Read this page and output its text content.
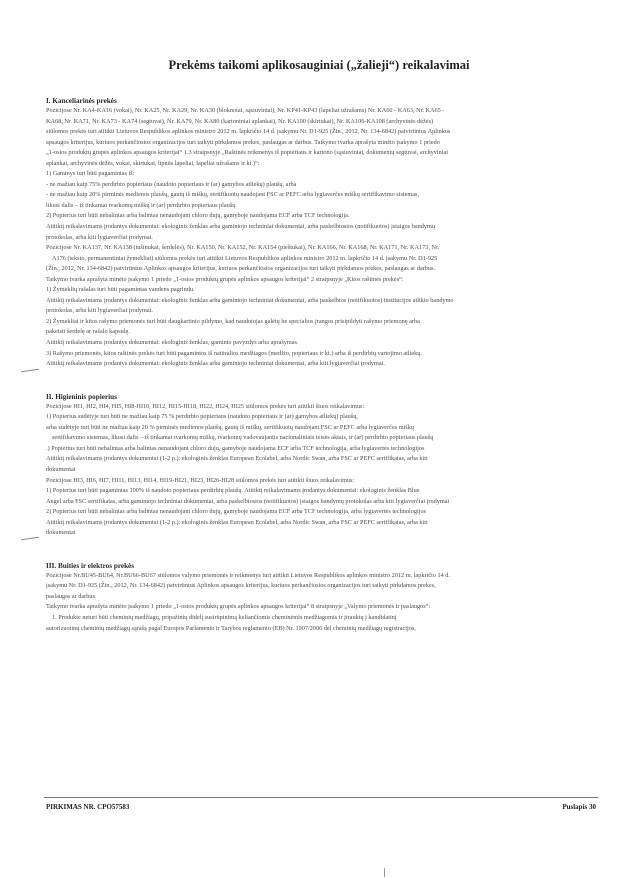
Prekėms taikomi aplikosauginiai („žalieji“) reikalavimai

I. Kanceliarinės prekės

Pozicijose Nr. KA4-KA16 (vokai), Nr. KA25, Nr. KA29, Nr. KA30 (bloknotai, sąsiuviniai), Nr. KP41-KP43 (lapeliai užrašams) Nr. KA60 - KA63, Nr. KA65 -

KA68, Nr. KA71, Nr. KA73 - KA74 (segtuvai), Nr. KA79, Nr. KA80 (kartoniniai aplankai), Nr. KA100 (skirtukai), Nr. KA106-KA108 (archyvinės dėžės)

siūlomos prekės turi atitikti Lietuvos Respublikos aplinkos ministro 2012 m. lapkričio 14 d. įsakymu Nr. D1-925 (Žin., 2012, Nr. 134-6842) patvirtintus Aplinkos

apsaugos kriterijus, kuriuos perkančiosios organizacijos turi taikyti pirkdamos prekes, paslaugas ar darbus. Taikymo tvarka aprašyta minėto įsakymo 1 priedo

„1-osios produktų grupės aplinkos apsaugos kriterijai“ 1.3 straipsnyje „Raštinės reikmenys iš popieriaus ir kartono (sąsiuviniai, dokumentų segtuvai, archyviniai

aplankai, archyvinės dėžės, vokai, skirtukai, lipnūs lapeliai, lapeliai užrašams ir kt.)“:

1) Gaminys turi būti pagamintas iš:

- ne mažiau kaip 75% perdirbto popieriaus (naudoto popieriaus ir (ar) gamybos atliekų) plaušų, arba

- ne mažiau kaip 20% pirminės medienos plaušų, gautų iš miškų, sertifikuotų naudojant FSC ar PEFC arba lygiaverčes miškų sertifikavimo sistemas,

likusi dalis – iš tinkamai tvarkomų miškų ir (ar) perdirbto popieriaus plaušų

2) Popierius turi būti nebalintas arba balintas nenaudojant chloro dujų, gamyboje naudojama ECF arba TCF technologija.

Atitiktį reikalavimams įrodantys dokumentai: ekologinis ženklas arba gamintojo techniniai dokumentai, arba paskelbtosios (notifikuotos) įstaigos bandymų

protokolas, arba kiti lygiaverčiai įrodymai.

Pozicijose Nr. KA137, Nr. KA138 (tušinukai, šerdelės), Nr. KA150, Nr. KA152, Nr. KA154 (pieštukai), Nr. KA166, Nr. KA168, Nr. KA171, Nr. KA173, Nr.

A176 (teksto, permanentiniai žymekliai) siūlomos prekės turi atitikti Lietuvos Respublikos aplinkos ministro 2012 m. lapkričio 14 d. įsakymu Nr. D1-925

(Žin., 2012, Nr. 134-6842) patvirtintus Aplinkos apsaugos kriterijus, kuriuos perkančiosios organizacijos turi taikyti pirkdamos prekes, paslaugas ar darbus.

Taikymo tvarka aprašyta minėto įsakymo 1 priedo „1-osios produktų grupės aplinkos apsaugos kriterijai“ 2 straipsnyje „Kitos raštinės prekės“:

1) Žymeklių rašalas turi būti pagamintas vandens pagrindu.

Atitiktį reikalavimams įrodantys dokumentai: ekologinis ženklas arba gamintojo techniniai dokumentai, arba paskelbtos (notifikuotos) institucijos atlikto bandymo

protokolas, arba kiti lygiaverčiai įrodymai.

2) Žymekliai ir kitos rašymo priemonės turi būti daugkartinio pildymo, kad naudotojas galėtų be specialios įrangos prisipildyti rašymo priemonę arba

pakeisti šerdelę ar rašalo kapsulę.

Atitiktį reikalavimams įrodantys dokumentai: ekologinis ženklas, gaminio pavyzdys arba aprašymas.

3) Rašymo priemonės, kitos raštinės prekės turi būti pagamintos iš natūralios medžiagos (medžio, popieriaus ir kt.) arba iš perdirbtų vartojimo atliekų.

Atitiktį reikalavimams įrodantys dokumentai: ekologinis ženklas arba gamintojo techniniai dokumentai, arba kiti lygiaverčiai įrodymai.

II. Higieninis popierius

Pozicijose HI1, HI2, HI4, HI5, HI8-HI10, HI12, HI15-HI18, HI22, HI24, HI25 siūlomos prekės turi atitikti šiuos reikalavimus:

1) Popierius sudėtyje turi būti ne mažiau kaip 75 % perdirbto popieriaus (naudoto popieriaus ir (ar) gamybos atliekų) plaušų,

arba sudėtyje turi būti ne mažiau kaip 20 % pirminės medienos plaušų, gautų iš miškų, sertifikuotų naudojant FSC ar PEFC arba lygiaverčes miškų

sertifikavimo sistemas, likusi dalis – iš tinkamai tvarkomų miškų, tvarkomų vadovaujantis nacionaliniais teisės aktais, ir (ar) perdirbto popieriaus plaušų

.) Popierius turi būti nebalintas arba balintas nenaudojant chloro dujų, gamyboje naudojama ECF arba TCF technologija, arba lygiavertės technologijos

Atitiktį reikalavimams įrodantys dokumentai (1-2 p.): ekologinis ženklas European Ecolabel, arba Nordic Swan, arba FSC ar PEFC sertifikatas, arba kiti

dokumentai

Pozicijose HI3, HI6, HI7, HI11, HI13, HI14, HI19-HI21, HI23, HI26-HI28 siūlomos prekės turi atitikti šiuos reikalavimus:

1) Popierius turi būti pagamintas 100% iš naudoto popieriaus perdirbtų plaušų. Atitiktį reikalavimams įrodantys dokumentai: ekologinis ženklas Blue

Angel arba FSC sertifikatas, arba gamintojo techniniai dokumentai, arba paskelbtosios (notifikuotos) įstaigos bandymų protokolas arba kiti lygiaverčiai įrodymai

2) Popierius turi būti nebalintas arba balintas nenaudojant chloro dujų, gamyboje naudojama ECF arba TCF technologija, arba lygiavertės technologijos

Atitiktį reikalavimams įrodantys dokumentai (1-2 p.): ekologinis ženklas European Ecolabel, arba Nordic Swan, arba FSC ar PEFC sertifikatas, arba kiti

dokumentai

III. Buities ir elektros prekės

Pozicijose Nr.BU45-BU64, Nr.BU66-BU67 siūlomos valymo priemonės ir reikmenys turi atitikti Lietuvos Respublikos aplinkos ministro 2012 m. lapkričio 14 d.

įsakymu Nr. D1-925 (Žin., 2012, Nr. 134-6842) patvirtintus Aplinkos apsaugos kriterijus, kuriuos perkančiosios organizacijos turi taikyti pirkdamos prekes,

paslaugas ar darbus.

Taikymo tvarka aprašyta minėto įsakymo 1 priedo „1-osios produktų grupės aplinkos apsaugos kriterijai“ 8 straipsnyje „Valymo priemonės ir paslaugos“:

1. Produkte neturi būti cheminių medžiagų, pripažintų didelį susirūpinimą keliančiomis cheminėmis medžiagomis ir įtrauktų į kandidatinį

autorizuotinų cheminių medžiagų sąrašą pagal Europos Parlamento ir Tarybos reglamento (EB) Nr. 1907/2006 dėl cheminių medžiagų registracijos,

PIRKIMAS NR. CPO57583	Puslapis 30
